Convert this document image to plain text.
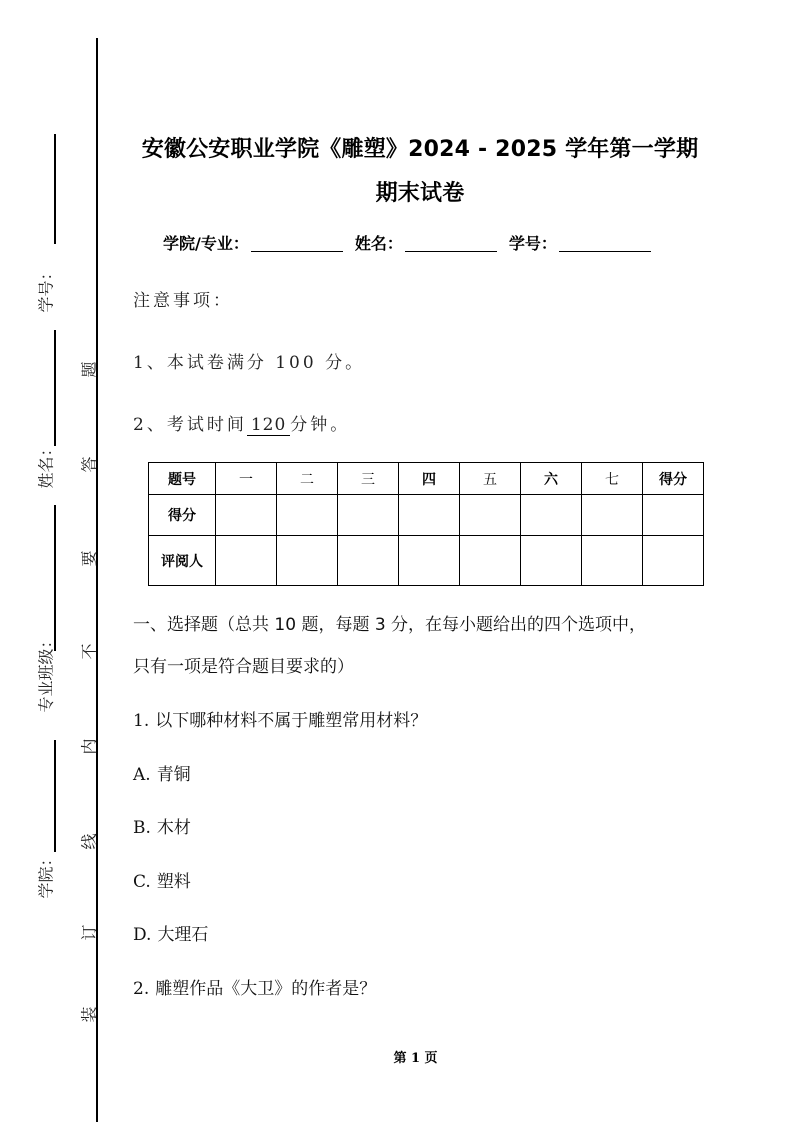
学号：
姓名：
专业班级：
学院：
题
答
要
不
内
线
订
装
安徽公安职业学院《雕塑》2024 - 2025 学年第一学期
期末试卷
学院/专业：	姓名：	学号：
注意事项：
1、本试卷满分 100 分。
2、考试时间 120 分钟。
题号	一	二	三	四	五	六	七	得分
得分								
评阅人								
一、选择题（总共 10 题，每题 3 分，在每小题给出的四个选项中，
只有一项是符合题目要求的）
1. 以下哪种材料不属于雕塑常用材料？
A. 青铜
B. 木材
C. 塑料
D. 大理石
2. 雕塑作品《大卫》的作者是？
第 1 页
